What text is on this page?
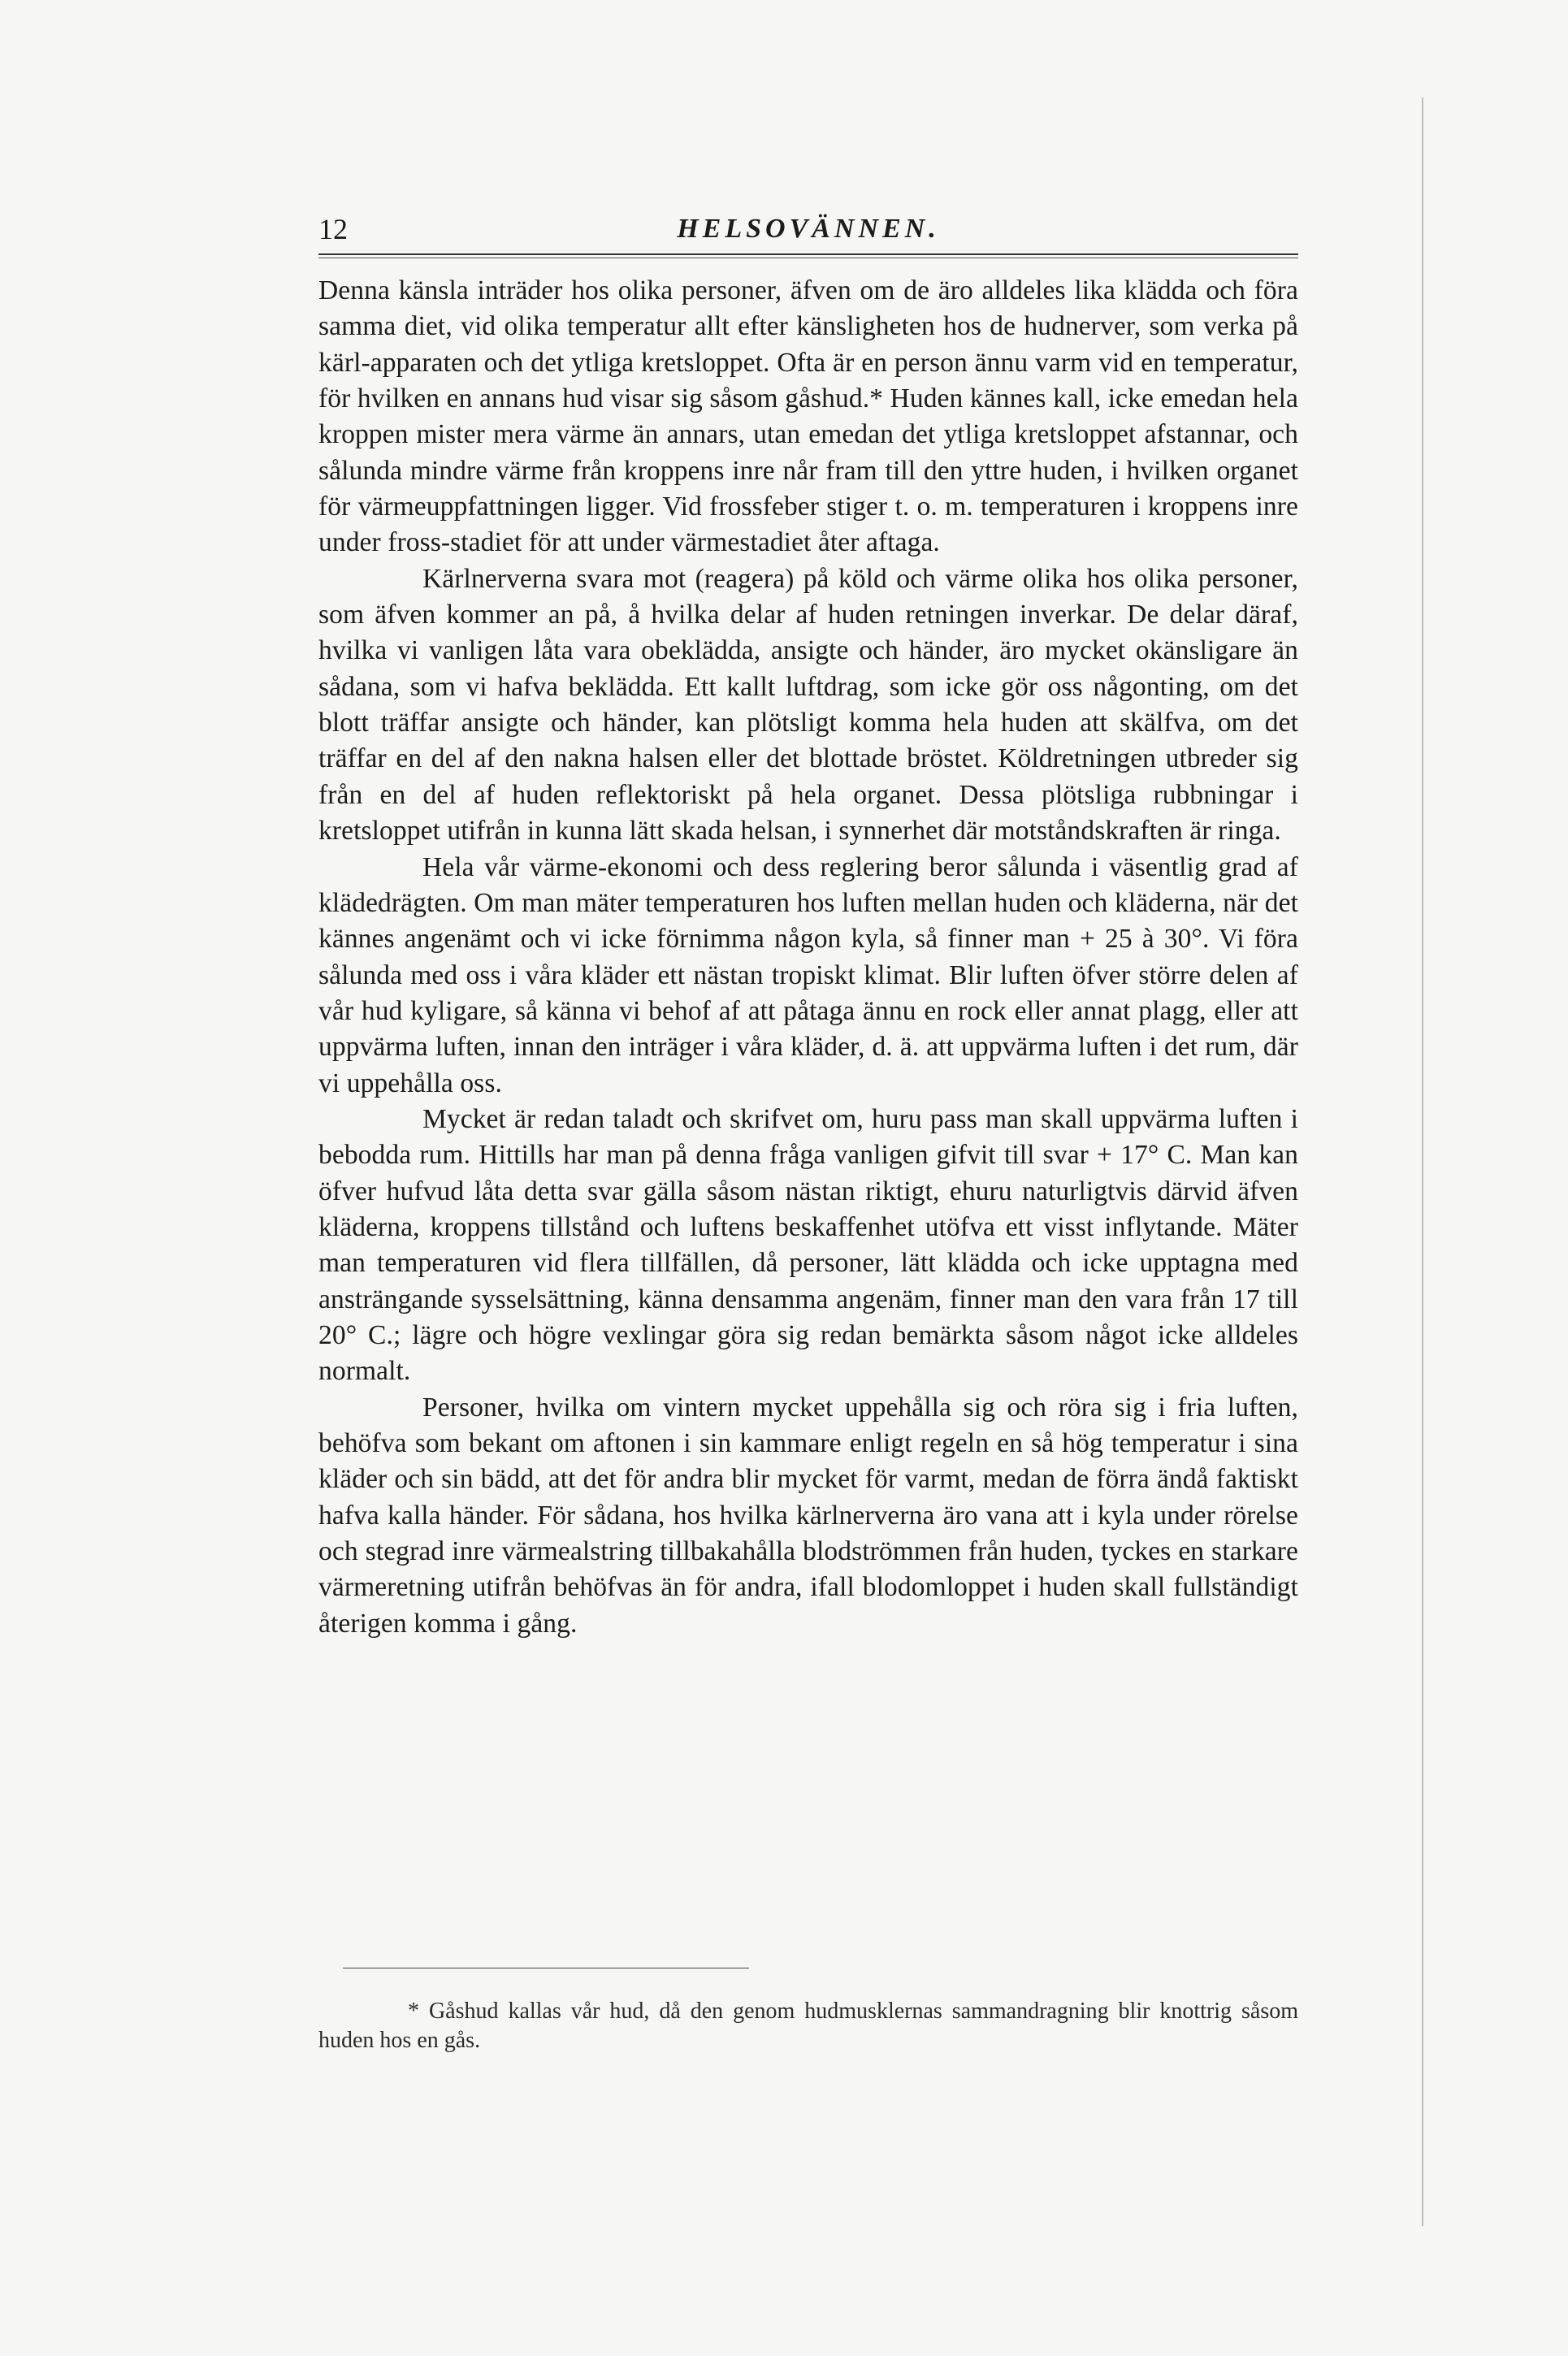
12	HELSOVÄNNEN.

Denna känsla inträder hos olika personer, äfven om de äro alldeles lika klädda och föra samma diet, vid olika temperatur allt efter känsligheten hos de hudnerver, som verka på kärl-apparaten och det ytliga kretsloppet. Ofta är en person ännu varm vid en temperatur, för hvilken en annans hud visar sig såsom gåshud.* Huden kännes kall, icke emedan hela kroppen mister mera värme än annars, utan emedan det ytliga kretsloppet afstannar, och sålunda mindre värme från kroppens inre når fram till den yttre huden, i hvilken organet för värmeuppfattningen ligger. Vid frossfeber stiger t. o. m. temperaturen i kroppens inre under fross-stadiet för att under värmestadiet åter aftaga.

Kärlnerverna svara mot (reagera) på köld och värme olika hos olika personer, som äfven kommer an på, å hvilka delar af huden retningen inverkar. De delar däraf, hvilka vi vanligen låta vara obeklädda, ansigte och händer, äro mycket okänsligare än sådana, som vi hafva beklädda. Ett kallt luftdrag, som icke gör oss någonting, om det blott träffar ansigte och händer, kan plötsligt komma hela huden att skälfva, om det träffar en del af den nakna halsen eller det blottade bröstet. Köldretningen utbreder sig från en del af huden reflektoriskt på hela organet. Dessa plötsliga rubbningar i kretsloppet utifrån in kunna lätt skada helsan, i synnerhet där motståndskraften är ringa.

Hela vår värme-ekonomi och dess reglering beror sålunda i väsentlig grad af klädedrägten. Om man mäter temperaturen hos luften mellan huden och kläderna, när det kännes angenämt och vi icke förnimma någon kyla, så finner man + 25 à 30°. Vi föra sålunda med oss i våra kläder ett nästan tropiskt klimat. Blir luften öfver större delen af vår hud kyligare, så känna vi behof af att påtaga ännu en rock eller annat plagg, eller att uppvärma luften, innan den inträger i våra kläder, d. ä. att uppvärma luften i det rum, där vi uppehålla oss.

Mycket är redan taladt och skrifvet om, huru pass man skall uppvärma luften i bebodda rum. Hittills har man på denna fråga vanligen gifvit till svar + 17° C. Man kan öfver hufvud låta detta svar gälla såsom nästan riktigt, ehuru naturligtvis därvid äfven kläderna, kroppens tillstånd och luftens beskaffenhet utöfva ett visst inflytande. Mäter man temperaturen vid flera tillfällen, då personer, lätt klädda och icke upptagna med ansträngande sysselsättning, känna densamma angenäm, finner man den vara från 17 till 20° C.; lägre och högre vexlingar göra sig redan bemärkta såsom något icke alldeles normalt.

Personer, hvilka om vintern mycket uppehålla sig och röra sig i fria luften, behöfva som bekant om aftonen i sin kammare enligt regeln en så hög temperatur i sina kläder och sin bädd, att det för andra blir mycket för varmt, medan de förra ändå faktiskt hafva kalla händer. För sådana, hos hvilka kärlnerverna äro vana att i kyla under rörelse och stegrad inre värmealstring tillbakahålla blodströmmen från huden, tyckes en starkare värmeretning utifrån behöfvas än för andra, ifall blodomloppet i huden skall fullständigt återigen komma i gång.

* Gåshud kallas vår hud, då den genom hudmusklernas sammandragning blir knottrig såsom huden hos en gås.
